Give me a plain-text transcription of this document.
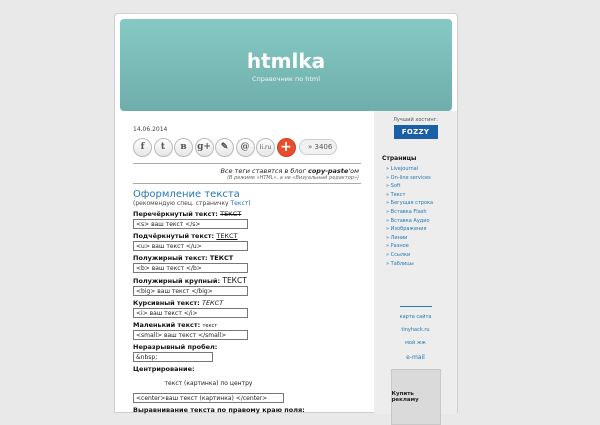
htmlka
Справочник по html
14.06.2014
f	t	в	g+	✎	@	li.ru +	» 3406
Все теги ставятся в блог copy-paste'ом
(В режиме «HTML», а не «Визуальный редактор»)
Оформление текста
(рекомендую спец. страничку Текст)
Перечёркнутый текст: ТЕКСТ
<s> ваш текст </s>
Подчёркнутый текст: ТЕКСТ
<u> ваш текст </u>
Полужирный текст: ТЕКСТ
<b> ваш текст </b>
Полужирный крупный: ТЕКСТ
<big> ваш текст </big>
Курсивный текст: ТЕКСТ
<i> ваш текст </i>
Маленький текст: текст
<small> ваш текст </small>
Неразрывный пробел:
&nbsp;
Центрирование:
текст (картинка) по центру
<center>ваш текст (картинка) </center>
Выравнивание текста по правому краю поля:
Лучший хостинг:
FOZZY
Страницы
» Livejournal
» On-line services
» Soft
» Текст
» Бегущая строка
» Вставка Flash
» Вставка Аудио
» Изображения
» Линии
» Разное
» Ссылки
» Таблицы
карта сайта
tinyhack.ru
мой жж
e-mail
Купить рекламу
